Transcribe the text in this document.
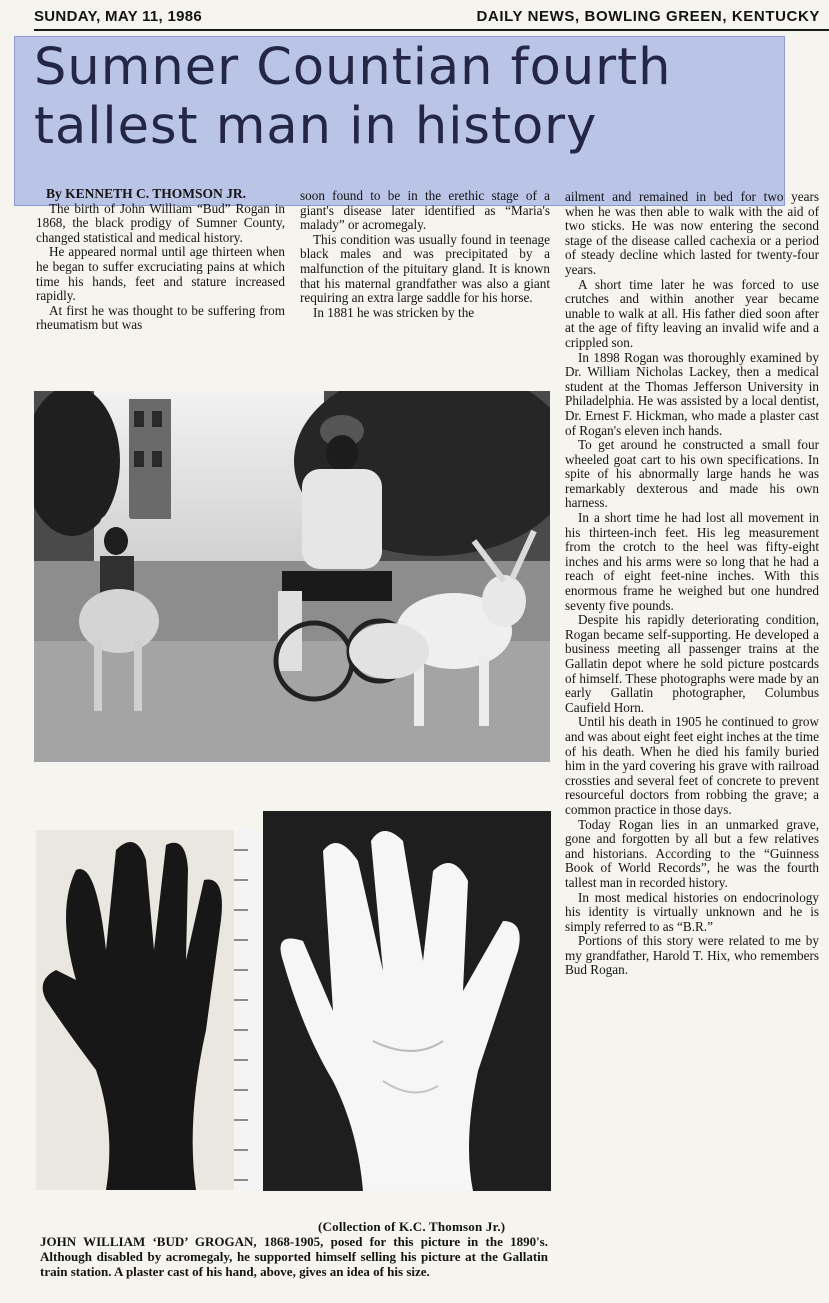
SUNDAY, MAY 11, 1986	DAILY NEWS, BOWLING GREEN, KENTUCKY
Sumner Countian fourth
tallest man in history

By KENNETH C. THOMSON JR.

The birth of John William “Bud” Rogan in 1868, the black prodigy of Sumner County, changed statistical and medical history.

He appeared normal until age thirteen when he began to suffer excruciating pains at which time his hands, feet and stature increased rapidly.

At first he was thought to be suffering from rheumatism but was

soon found to be in the erethic stage of a giant's disease later identified as “Maria's malady” or acromegaly.

This condition was usually found in teenage black males and was precipitated by a malfunction of the pituitary gland. It is known that his maternal grandfather was also a giant requiring an extra large saddle for his horse.

In 1881 he was stricken by the

ailment and remained in bed for two years when he was then able to walk with the aid of two sticks. He was now entering the second stage of the disease called cachexia or a period of steady decline which lasted for twenty-four years.

A short time later he was forced to use crutches and within another year became unable to walk at all. His father died soon after at the age of fifty leaving an invalid wife and a crippled son.

In 1898 Rogan was thoroughly examined by Dr. William Nicholas Lackey, then a medical student at the Thomas Jefferson University in Philadelphia. He was assisted by a local dentist, Dr. Ernest F. Hickman, who made a plaster cast of Rogan's eleven inch hands.

To get around he constructed a small four wheeled goat cart to his own specifications. In spite of his abnormally large hands he was remarkably dexterous and made his own harness.

In a short time he had lost all movement in his thirteen-inch feet. His leg measurement from the crotch to the heel was fifty-eight inches and his arms were so long that he had a reach of eight feet-nine inches. With this enormous frame he weighed but one hundred seventy five pounds.

Despite his rapidly deteriorating condition, Rogan became self-supporting. He developed a business meeting all passenger trains at the Gallatin depot where he sold picture postcards of himself. These photographs were made by an early Gallatin photographer, Columbus Caufield Horn.

Until his death in 1905 he continued to grow and was about eight feet eight inches at the time of his death. When he died his family buried him in the yard covering his grave with railroad crossties and several feet of concrete to prevent resourceful doctors from robbing the grave; a common practice in those days.

Today Rogan lies in an unmarked grave, gone and forgotten by all but a few relatives and historians. According to the “Guinness Book of World Records”, he was the fourth tallest man in recorded history.

In most medical histories on endocrinology his identity is virtually unknown and he is simply referred to as “B.R.”

Portions of this story were related to me by my grandfather, Harold T. Hix, who remembers Bud Rogan.

(Collection of K.C. Thomson Jr.)
JOHN WILLIAM ‘BUD’ GROGAN, 1868-1905, posed for this picture in the 1890's. Although disabled by acromegaly, he supported himself selling his picture at the Gallatin train station. A plaster cast of his hand, above, gives an idea of his size.
